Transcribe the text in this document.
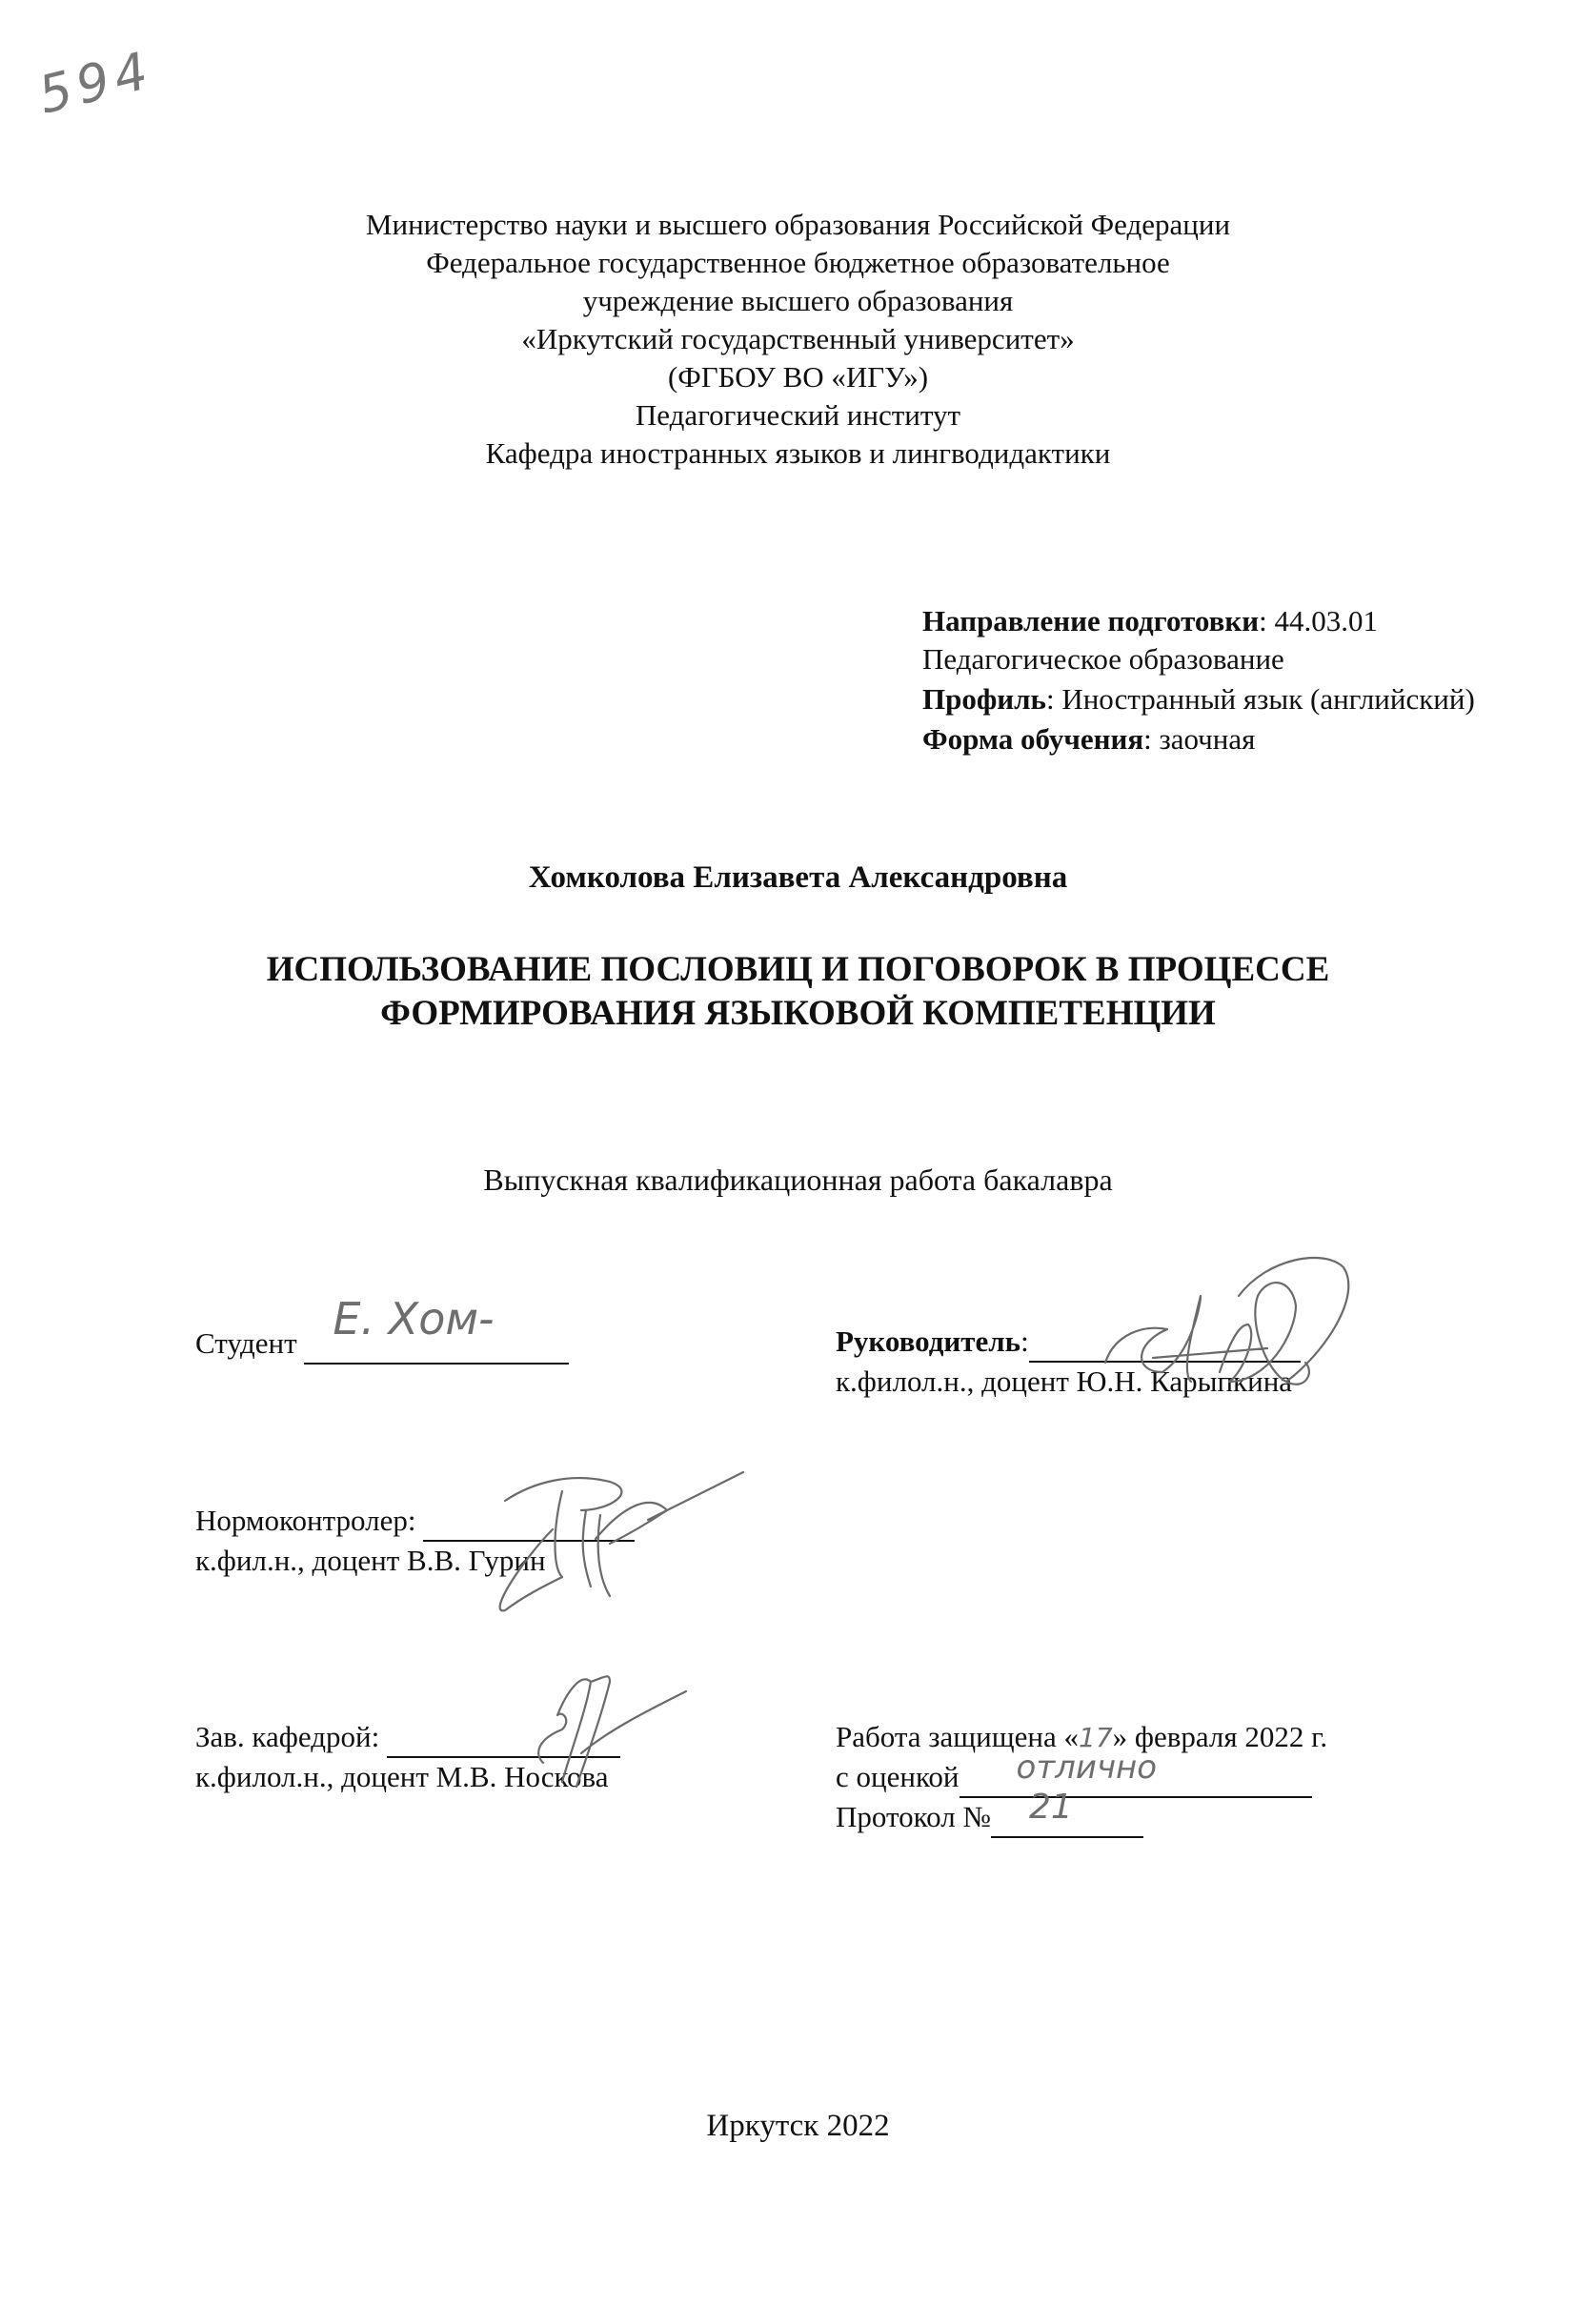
594
Министерство науки и высшего образования Российской Федерации
Федеральное государственное бюджетное образовательное
учреждение высшего образования
«Иркутский государственный университет»
(ФГБОУ ВО «ИГУ»)
Педагогический институт
Кафедра иностранных языков и лингводидактики
Направление подготовки: 44.03.01
Педагогическое образование
Профиль: Иностранный язык (английский)
Форма обучения: заочная
Хомколова Елизавета Александровна
ИСПОЛЬЗОВАНИЕ ПОСЛОВИЦ И ПОГОВОРОК В ПРОЦЕССЕ
ФОРМИРОВАНИЯ ЯЗЫКОВОЙ КОМПЕТЕНЦИИ
Выпускная квалификационная работа бакалавра
Студент Е. Хом-
	Руководитель:
к.филол.н., доцент Ю.Н. Карыпкина
Нормоконтролер:
к.фил.н., доцент В.В. Гурин
Зав. кафедрой:
к.филол.н., доцент М.В. Носкова
Работа защищена «17» февраля 2022 г.
с оценкой отлично

Протокол № 21

Иркутск 2022
